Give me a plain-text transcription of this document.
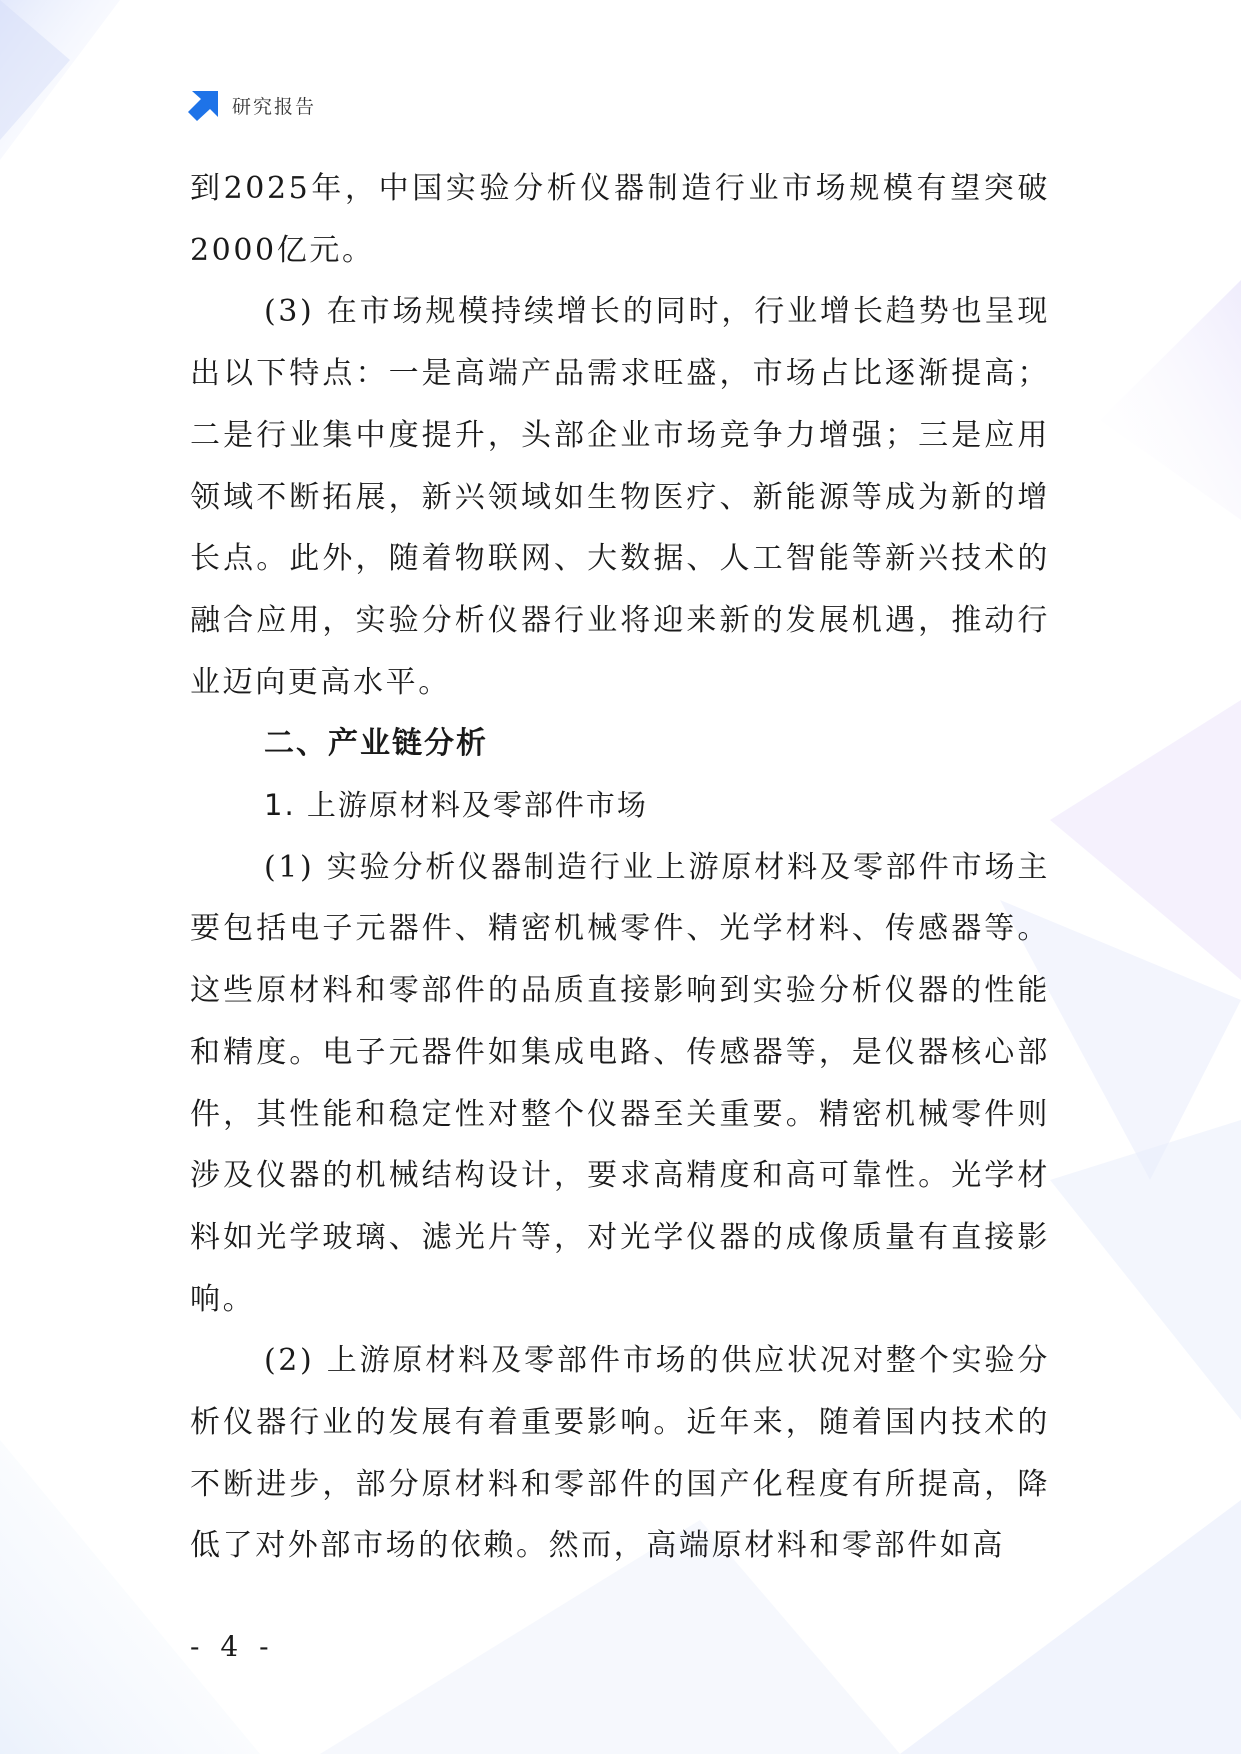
研究报告

到2025年，中国实验分析仪器制造行业市场规模有望突破2000亿元。

(3) 在市场规模持续增长的同时，行业增长趋势也呈现出以下特点：一是高端产品需求旺盛，市场占比逐渐提高；二是行业集中度提升，头部企业市场竞争力增强；三是应用领域不断拓展，新兴领域如生物医疗、新能源等成为新的增长点。此外，随着物联网、大数据、人工智能等新兴技术的融合应用，实验分析仪器行业将迎来新的发展机遇，推动行业迈向更高水平。

二、产业链分析

1. 上游原材料及零部件市场

(1) 实验分析仪器制造行业上游原材料及零部件市场主要包括电子元器件、精密机械零件、光学材料、传感器等。这些原材料和零部件的品质直接影响到实验分析仪器的性能和精度。电子元器件如集成电路、传感器等，是仪器核心部件，其性能和稳定性对整个仪器至关重要。精密机械零件则涉及仪器的机械结构设计，要求高精度和高可靠性。光学材料如光学玻璃、滤光片等，对光学仪器的成像质量有直接影响。

(2) 上游原材料及零部件市场的供应状况对整个实验分析仪器行业的发展有着重要影响。近年来，随着国内技术的不断进步，部分原材料和零部件的国产化程度有所提高，降低了对外部市场的依赖。然而，高端原材料和零部件如高

- 4 -
